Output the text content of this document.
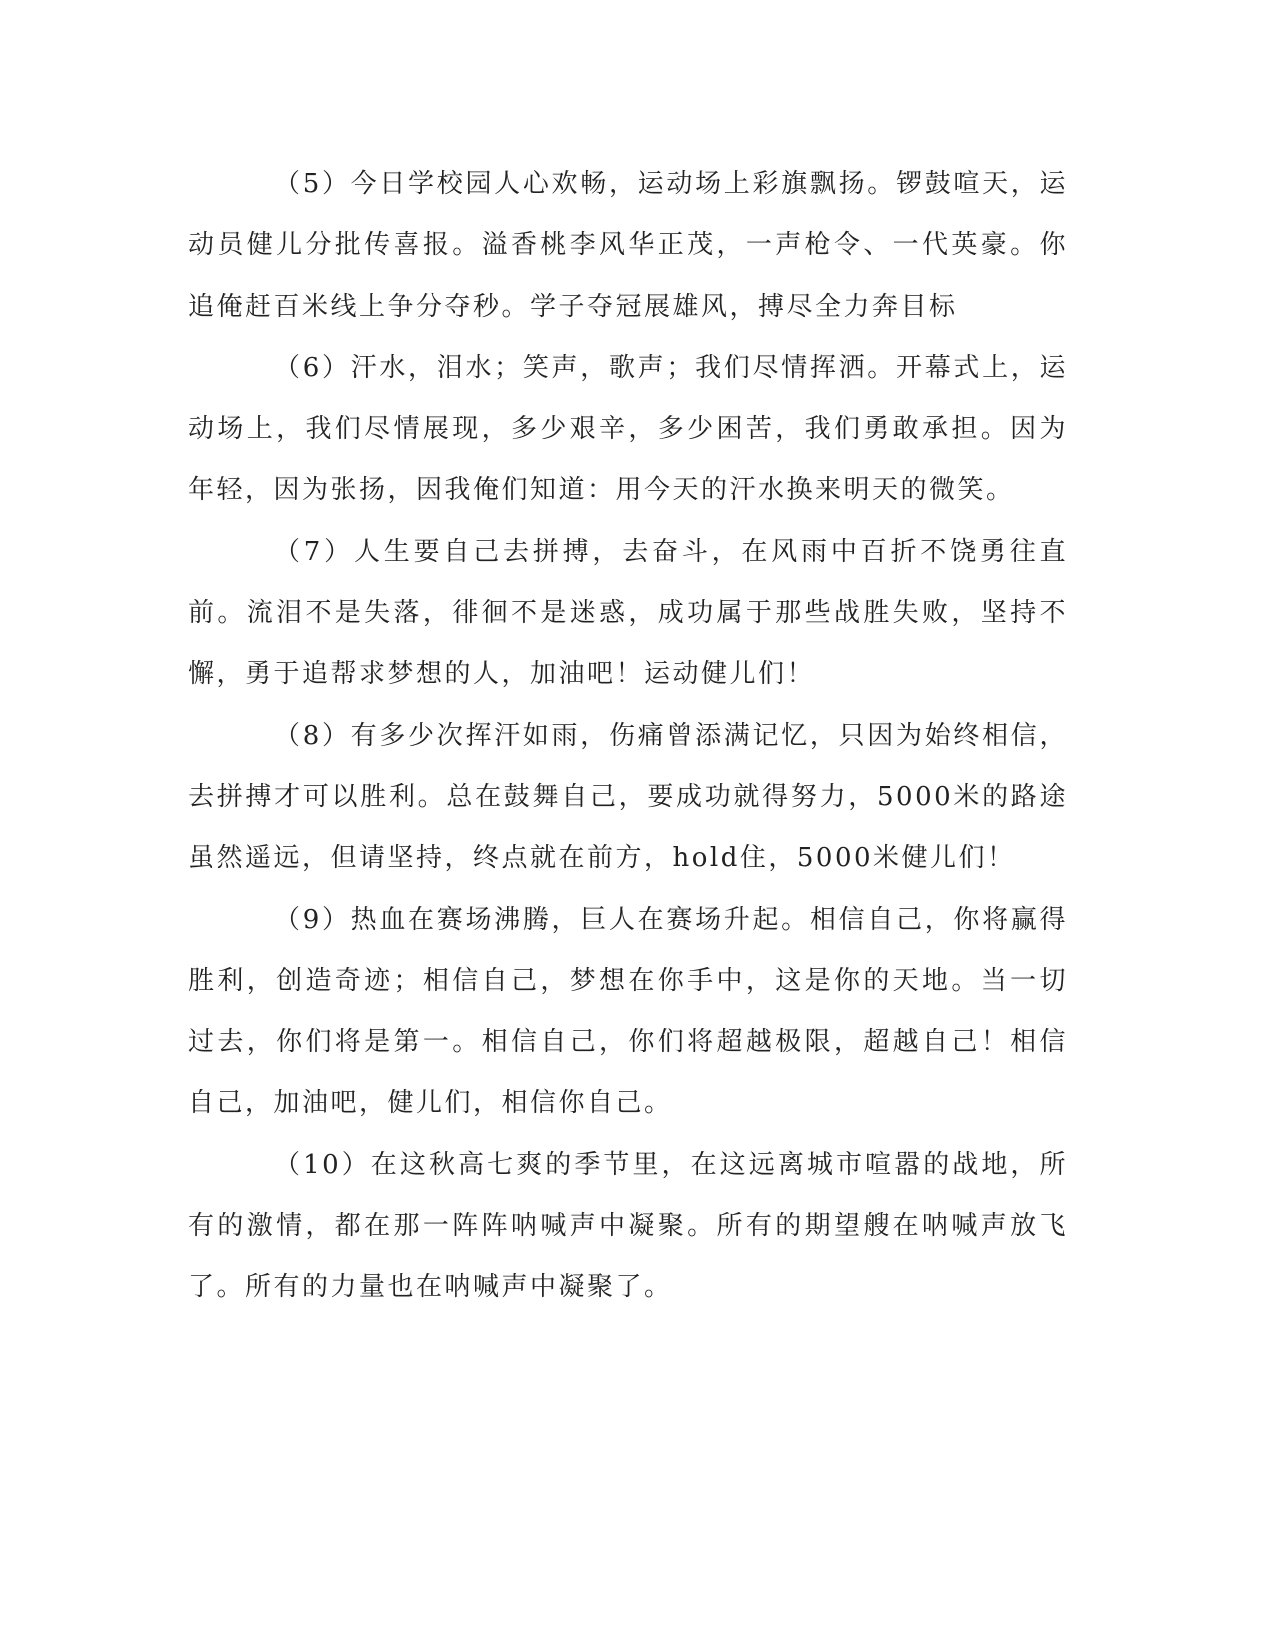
（5）今日学校园人心欢畅，运动场上彩旗飘扬。锣鼓喧天，运动员健儿分批传喜报。溢香桃李风华正茂，一声枪令、一代英豪。你追俺赶百米线上争分夺秒。学子夺冠展雄风，搏尽全力奔目标

（6）汗水，泪水；笑声，歌声；我们尽情挥洒。开幕式上，运动场上，我们尽情展现，多少艰辛，多少困苦，我们勇敢承担。因为年轻，因为张扬，因我俺们知道：用今天的汗水换来明天的微笑。

（7）人生要自己去拼搏，去奋斗，在风雨中百折不饶勇往直前。流泪不是失落，徘徊不是迷惑，成功属于那些战胜失败，坚持不懈，勇于追帮求梦想的人，加油吧！运动健儿们！

（8）有多少次挥汗如雨，伤痛曾添满记忆，只因为始终相信，去拼搏才可以胜利。总在鼓舞自己，要成功就得努力，5000米的路途虽然遥远，但请坚持，终点就在前方，hold住，5000米健儿们！

（9）热血在赛场沸腾，巨人在赛场升起。相信自己，你将赢得胜利，创造奇迹；相信自己，梦想在你手中，这是你的天地。当一切过去，你们将是第一。相信自己，你们将超越极限，超越自己！相信自己，加油吧，健儿们，相信你自己。

（10）在这秋高七爽的季节里，在这远离城市喧嚣的战地，所有的激情，都在那一阵阵呐喊声中凝聚。所有的期望艘在呐喊声放飞了。所有的力量也在呐喊声中凝聚了。
